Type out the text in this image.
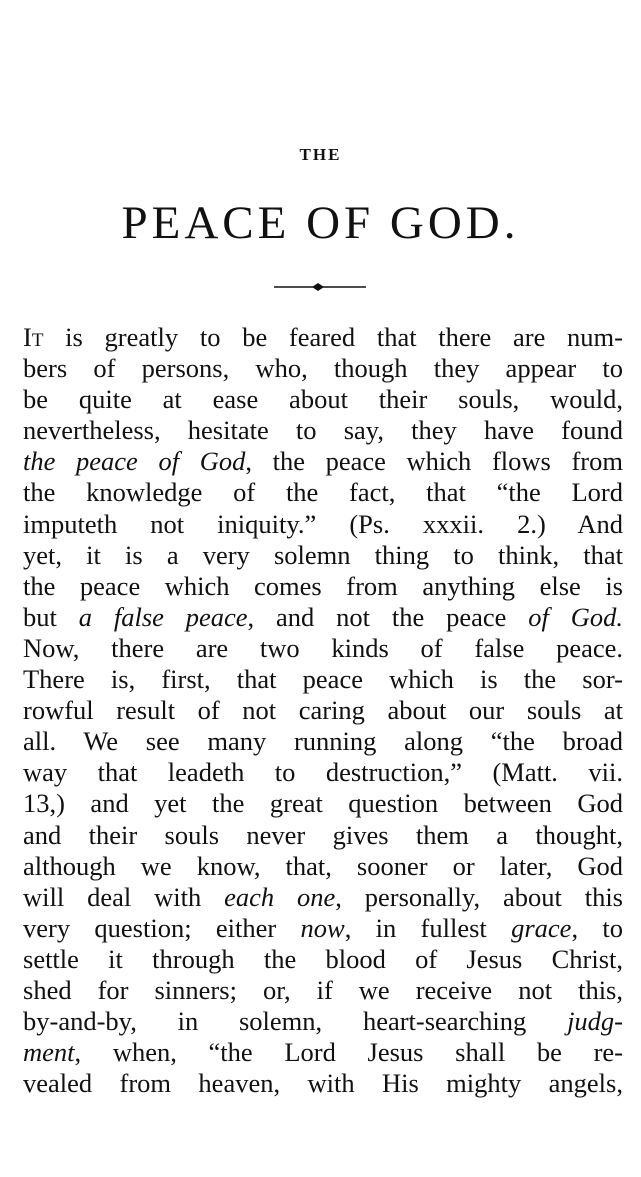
THE
PEACE OF GOD.
It is greatly to be feared that there are num-
bers of persons, who, though they appear to
be quite at ease about their souls, would,
nevertheless, hesitate to say, they have found
the peace of God, the peace which flows from
the knowledge of the fact, that “the Lord
imputeth not iniquity.” (Ps. xxxii. 2.) And
yet, it is a very solemn thing to think, that
the peace which comes from anything else is
but a false peace, and not the peace of God.
Now, there are two kinds of false peace.
There is, first, that peace which is the sor-
rowful result of not caring about our souls at
all. We see many running along “the broad
way that leadeth to destruction,” (Matt. vii.
13,) and yet the great question between God
and their souls never gives them a thought,
although we know, that, sooner or later, God
will deal with each one, personally, about this
very question; either now, in fullest grace, to
settle it through the blood of Jesus Christ,
shed for sinners; or, if we receive not this,
by-and-by, in solemn, heart-searching judg-
ment, when, “the Lord Jesus shall be re-
vealed from heaven, with His mighty angels,
